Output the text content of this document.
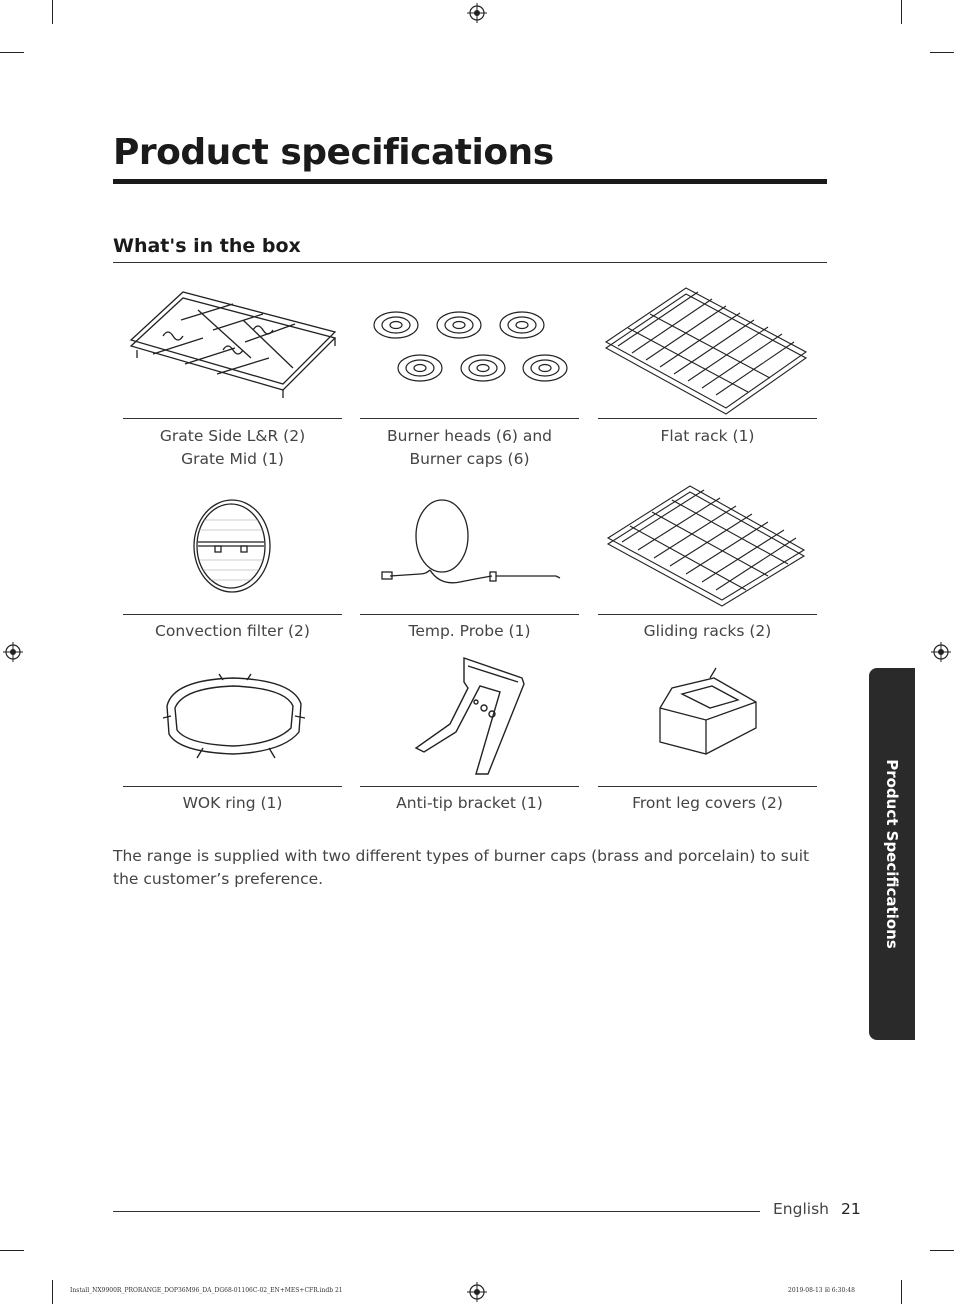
Product specifications
What's in the box
Grate Side L&R (2)
Grate Mid (1)
Burner heads (6) and
Burner caps (6)
Flat rack (1)
Convection filter (2)	Temp. Probe (1)	Gliding racks (2)
WOK ring (1)	Anti-tip bracket (1)	Front leg covers (2)
The range is supplied with two different types of burner caps (brass and porcelain) to suit the customer’s preference.	Product Specifications
English 21
Install_NX9900R_PRORANGE_DOP36M96_DA_DG68-01106C-02_EN+MES+CFR.indb 21	2019-08-13 ☒ 6:30:48
